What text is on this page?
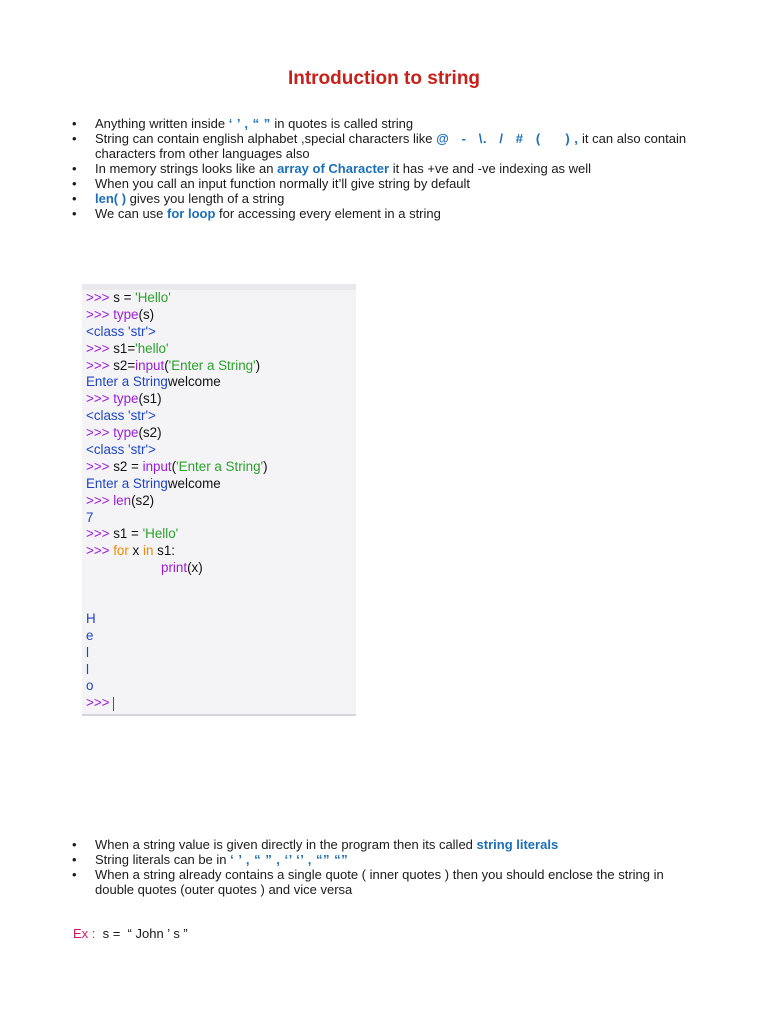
Introduction to string
• Anything written inside ‘ ’ , “ ” in quotes is called string
• String can contain english alphabet ,special characters like @   -   \.   /   #   (      ) , it can also contain characters from other languages also
• In memory strings looks like an array of Character it has +ve and -ve indexing as well
• When you call an input function normally it’ll give string by default
• len( ) gives you length of a string
• We can use for loop for accessing every element in a string
>>> s = 'Hello'
>>> type(s)
<class 'str'>
>>> s1='hello'
>>> s2=input('Enter a String')
Enter a Stringwelcome
>>> type(s1)
<class 'str'>
>>> type(s2)
<class 'str'>
>>> s2 = input('Enter a String')
Enter a Stringwelcome
>>> len(s2)
7
>>> s1 = 'Hello'
>>> for x in s1:
print(x)
H
e
l
l
o
>>>
• When a string value is given directly in the program then its called string literals
• String literals can be in ‘ ’ , “ ” , ‘’ ‘’ , “” “”
• When a string already contains a single quote ( inner quotes ) then you should enclose the string in double quotes (outer quotes ) and vice versa
Ex :  s =  “ John ’ s ”
